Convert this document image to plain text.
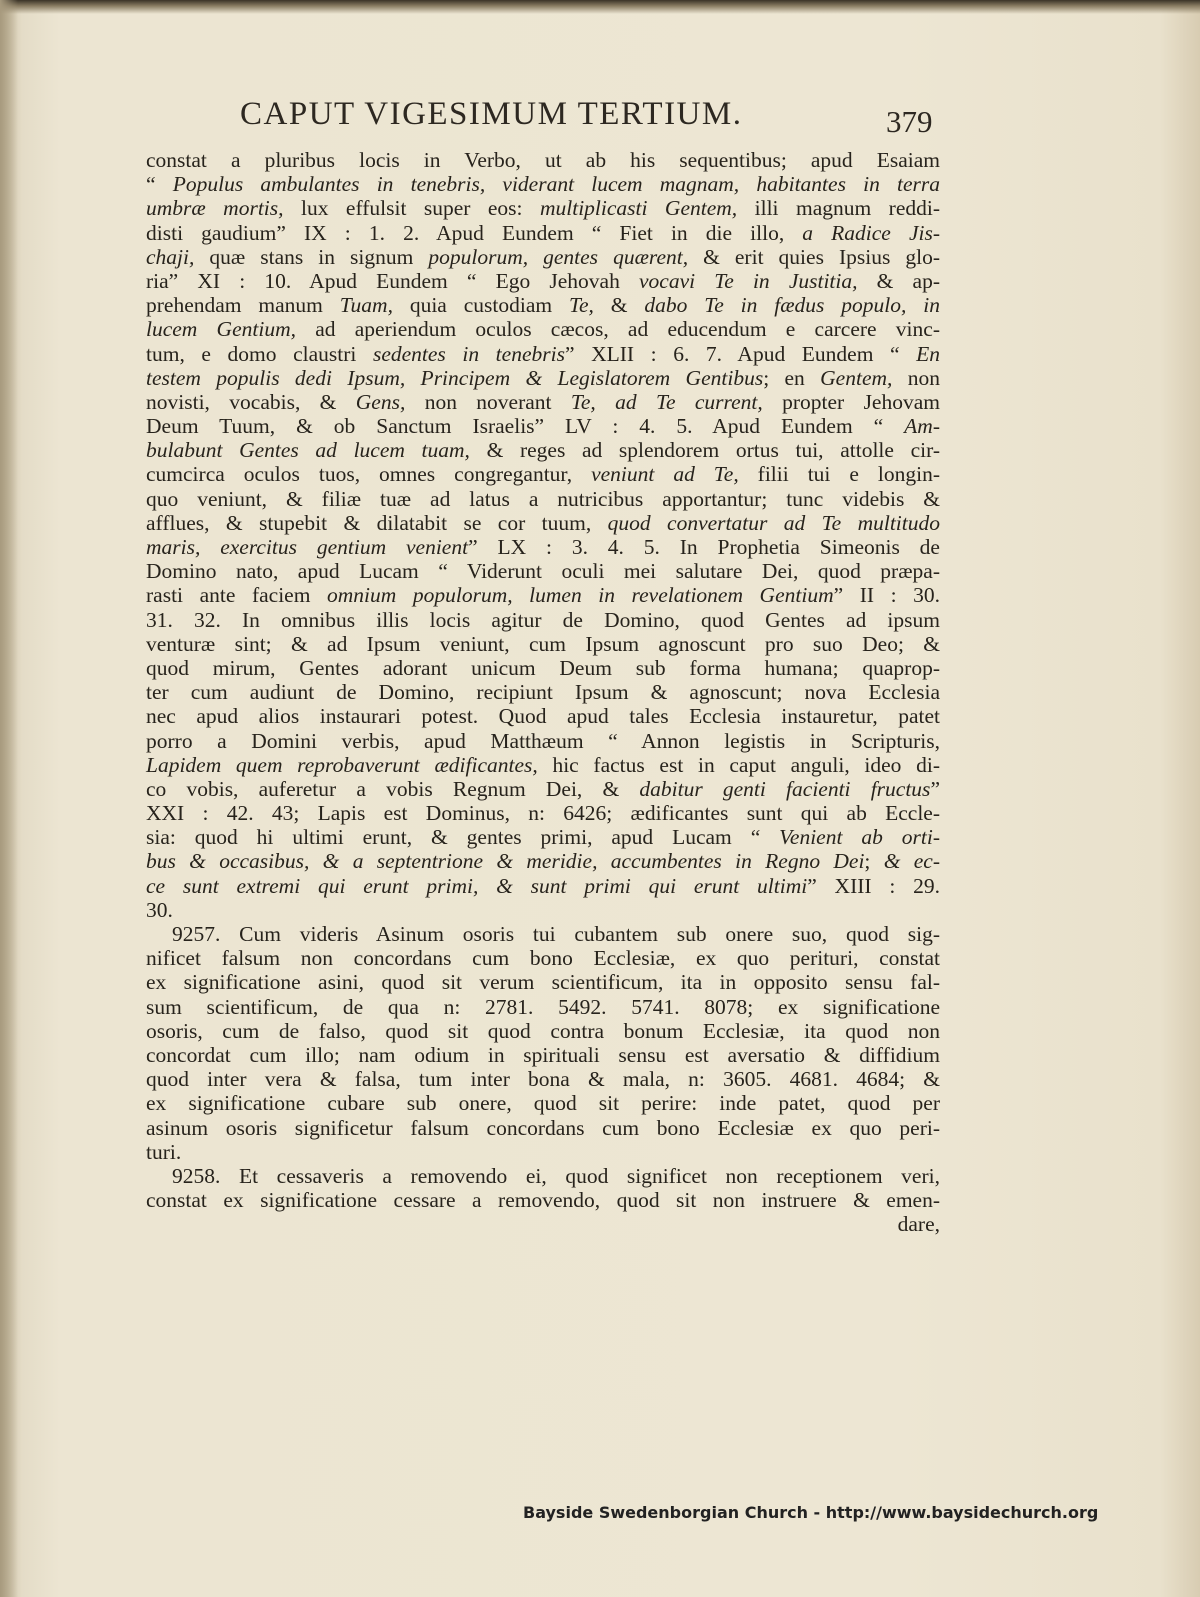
CAPUT VIGESIMUM TERTIUM.	379
constat a pluribus locis in Verbo, ut ab his sequentibus; apud Esaiam
“ Populus ambulantes in tenebris, viderant lucem magnam, habitantes in terra
umbræ mortis, lux effulsit super eos: multiplicasti Gentem, illi magnum reddi-
disti gaudium” IX : 1. 2. Apud Eundem “ Fiet in die illo, a Radice Jis-
chaji, quæ stans in signum populorum, gentes quærent, & erit quies Ipsius glo-
ria” XI : 10. Apud Eundem “ Ego Jehovah vocavi Te in Justitia, & ap-
prehendam manum Tuam, quia custodiam Te, & dabo Te in fædus populo, in
lucem Gentium, ad aperiendum oculos cæcos, ad educendum e carcere vinc-
tum, e domo claustri sedentes in tenebris” XLII : 6. 7. Apud Eundem “ En
testem populis dedi Ipsum, Principem & Legislatorem Gentibus; en Gentem, non
novisti, vocabis, & Gens, non noverant Te, ad Te current, propter Jehovam
Deum Tuum, & ob Sanctum Israelis” LV : 4. 5. Apud Eundem “ Am-
bulabunt Gentes ad lucem tuam, & reges ad splendorem ortus tui, attolle cir-
cumcirca oculos tuos, omnes congregantur, veniunt ad Te, filii tui e longin-
quo veniunt, & filiæ tuæ ad latus a nutricibus apportantur; tunc videbis &
afflues, & stupebit & dilatabit se cor tuum, quod convertatur ad Te multitudo
maris, exercitus gentium venient” LX : 3. 4. 5. In Prophetia Simeonis de
Domino nato, apud Lucam “ Viderunt oculi mei salutare Dei, quod præpa-
rasti ante faciem omnium populorum, lumen in revelationem Gentium” II : 30.
31. 32. In omnibus illis locis agitur de Domino, quod Gentes ad ipsum
venturæ sint; & ad Ipsum veniunt, cum Ipsum agnoscunt pro suo Deo; &
quod mirum, Gentes adorant unicum Deum sub forma humana; quaprop-
ter cum audiunt de Domino, recipiunt Ipsum & agnoscunt; nova Ecclesia
nec apud alios instaurari potest. Quod apud tales Ecclesia instauretur, patet
porro a Domini verbis, apud Matthæum “ Annon legistis in Scripturis,
Lapidem quem reprobaverunt ædificantes, hic factus est in caput anguli, ideo di-
co vobis, auferetur a vobis Regnum Dei, & dabitur genti facienti fructus”
XXI : 42. 43; Lapis est Dominus, n: 6426; ædificantes sunt qui ab Eccle-
sia: quod hi ultimi erunt, & gentes primi, apud Lucam “ Venient ab orti-
bus & occasibus, & a septentrione & meridie, accumbentes in Regno Dei; & ec-
ce sunt extremi qui erunt primi, & sunt primi qui erunt ultimi” XIII : 29.
30.
9257. Cum videris Asinum osoris tui cubantem sub onere suo, quod sig-
nificet falsum non concordans cum bono Ecclesiæ, ex quo perituri, constat
ex significatione asini, quod sit verum scientificum, ita in opposito sensu fal-
sum scientificum, de qua n: 2781. 5492. 5741. 8078; ex significatione
osoris, cum de falso, quod sit quod contra bonum Ecclesiæ, ita quod non
concordat cum illo; nam odium in spirituali sensu est aversatio & diffidium
quod inter vera & falsa, tum inter bona & mala, n: 3605. 4681. 4684; &
ex significatione cubare sub onere, quod sit perire: inde patet, quod per
asinum osoris significetur falsum concordans cum bono Ecclesiæ ex quo peri-
turi.
9258. Et cessaveris a removendo ei, quod significet non receptionem veri,
constat ex significatione cessare a removendo, quod sit non instruere & emen-
dare,
Bayside Swedenborgian Church - http://www.baysidechurch.org
